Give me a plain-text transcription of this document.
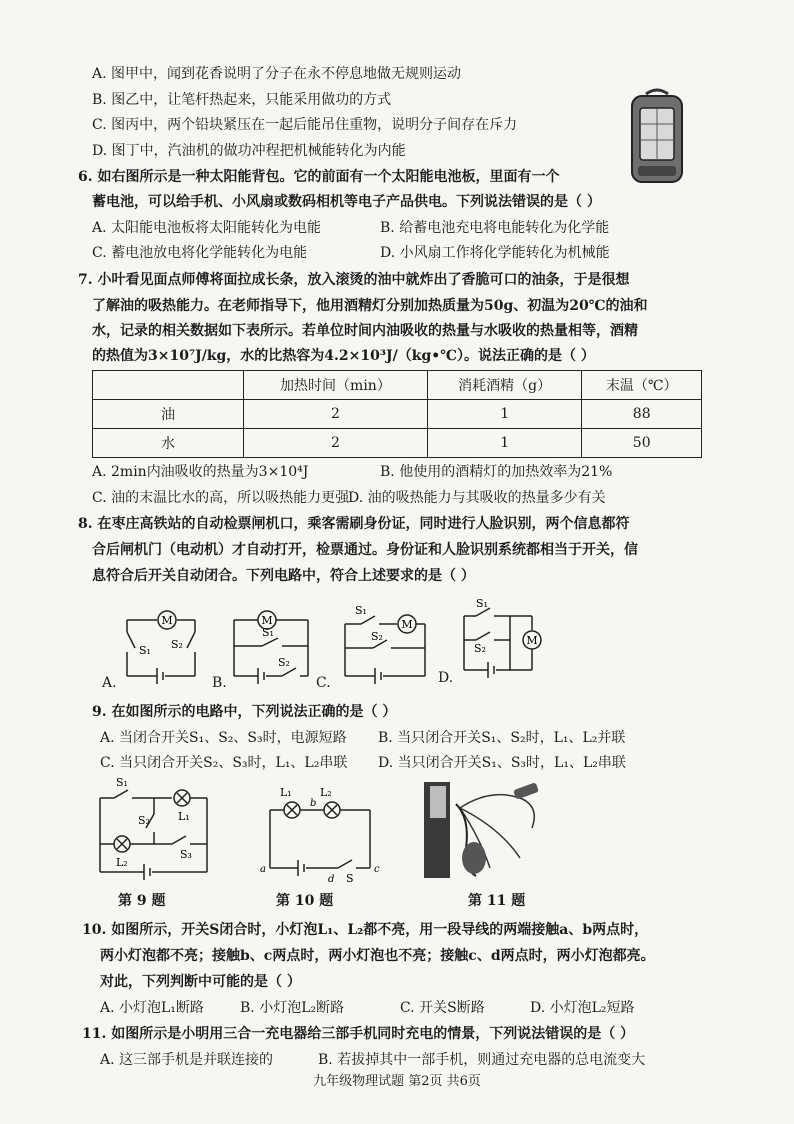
A. 图甲中，闻到花香说明了分子在永不停息地做无规则运动
B. 图乙中，让笔杆热起来，只能采用做功的方式
C. 图丙中，两个铅块紧压在一起后能吊住重物，说明分子间存在斥力
D. 图丁中，汽油机的做功冲程把机械能转化为内能
6. 如右图所示是一种太阳能背包。它的前面有一个太阳能电池板，里面有一个
蓄电池，可以给手机、小风扇或数码相机等电子产品供电。下列说法错误的是（ ）
A. 太阳能电池板将太阳能转化为电能	B. 给蓄电池充电将电能转化为化学能
C. 蓄电池放电将化学能转化为电能	D. 小风扇工作将化学能转化为机械能
7. 小叶看见面点师傅将面拉成长条，放入滚烫的油中就炸出了香脆可口的油条，于是很想
了解油的吸热能力。在老师指导下，他用酒精灯分别加热质量为50g、初温为20℃的油和
水，记录的相关数据如下表所示。若单位时间内油吸收的热量与水吸收的热量相等，酒精
的热值为3×10⁷J/kg，水的比热容为4.2×10³J/（kg•℃）。说法正确的是（ ）
	加热时间（min）	消耗酒精（g）	末温（℃）
油	2	1	88
水	2	1	50
A. 2min内油吸收的热量为3×10⁴J	B. 他使用的酒精灯的加热效率为21%
C. 油的末温比水的高，所以吸热能力更强
D. 油的吸热能力与其吸收的热量多少有关
8. 在枣庄高铁站的自动检票闸机口，乘客需刷身份证，同时进行人脸识别，两个信息都符
合后闸机门（电动机）才自动打开，检票通过。身份证和人脸识别系统都相当于开关，信
息符合后开关自动闭合。下列电路中，符合上述要求的是（ ）
M
S₁ S₂
A.
M
S₁
S₂
B.
M
S₁
S₂
C.
M
S₁
S₂
D.
9. 在如图所示的电路中，下列说法正确的是（ ）
A. 当闭合开关S₁、S₂、S₃时，电源短路 B. 当只闭合开关S₁、S₂时，L₁、L₂并联
C. 当只闭合开关S₂、S₃时，L₁、L₂串联 D. 当只闭合开关S₁、S₃时，L₁、L₂串联
S₁
S₂
S₃
L₁
L₂
第 9 题
L₁	L₂
b
a
d
c
S
第 10 题	第 11 题
10. 如图所示，开关S闭合时，小灯泡L₁、L₂都不亮，用一段导线的两端接触a、b两点时，
两小灯泡都不亮；接触b、c两点时，两小灯泡也不亮；接触c、d两点时，两小灯泡都亮。
对此，下列判断中可能的是（ ）
A. 小灯泡L₁断路	B. 小灯泡L₂断路	C. 开关S断路	D. 小灯泡L₂短路
11. 如图所示是小明用三合一充电器给三部手机同时充电的情景，下列说法错误的是（ ）
A. 这三部手机是并联连接的	B. 若拔掉其中一部手机，则通过充电器的总电流变大
九年级物理试题 第2页 共6页
